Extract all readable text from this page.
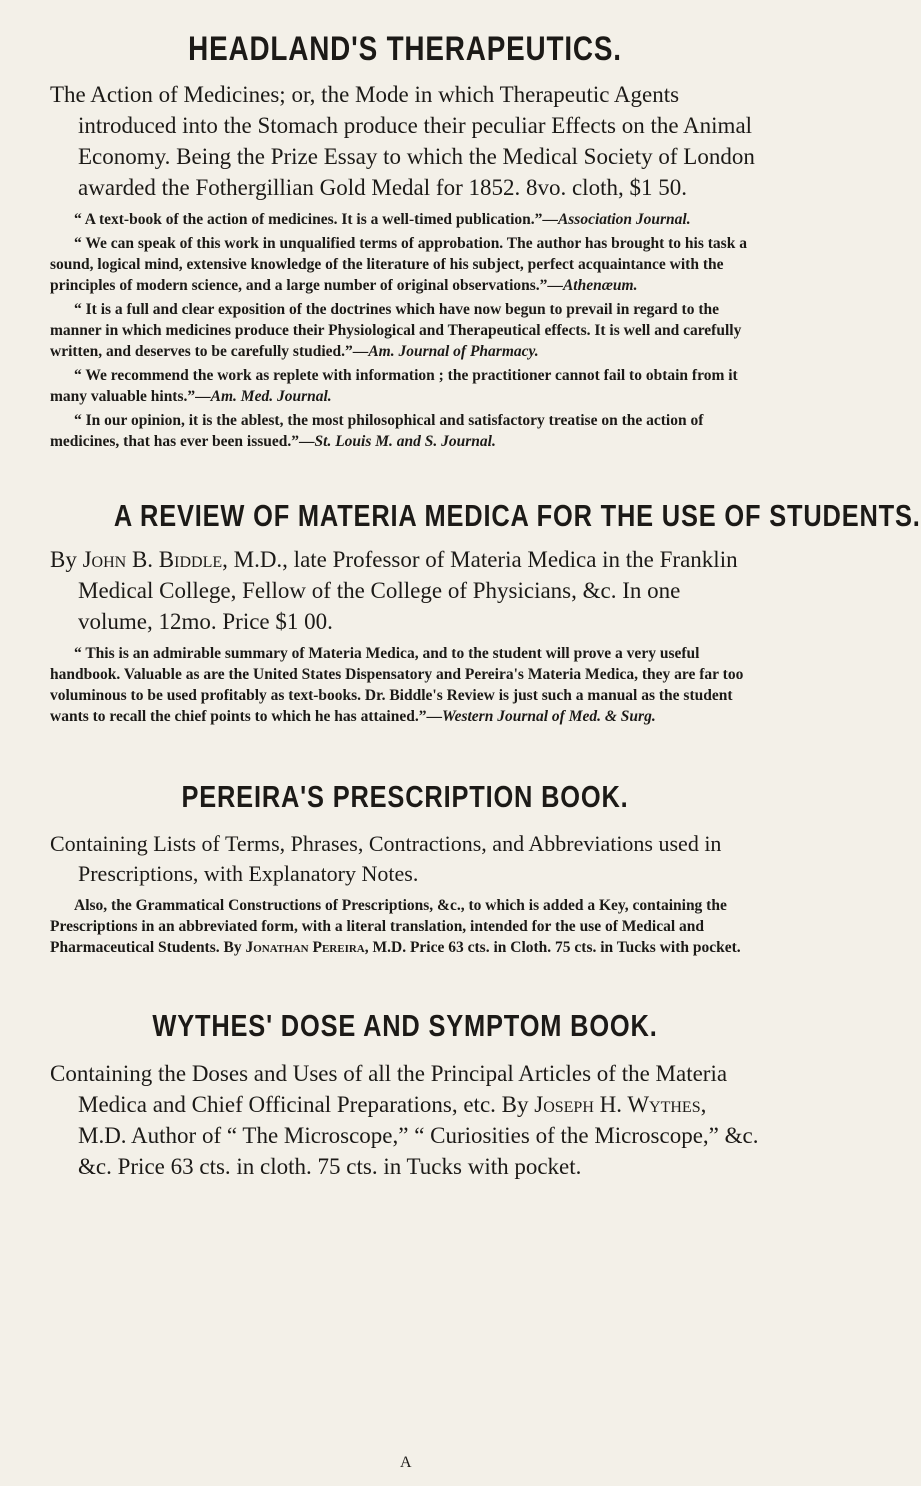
HEADLAND'S THERAPEUTICS.

The Action of Medicines; or, the Mode in which Therapeutic Agents introduced into the Stomach produce their peculiar Effects on the Animal Economy. Being the Prize Essay to which the Medical Society of London awarded the Fothergillian Gold Medal for 1852. 8vo. cloth, $1 50.

“ A text-book of the action of medicines. It is a well-timed publication.”—Association Journal.

“ We can speak of this work in unqualified terms of approbation. The author has brought to his task a sound, logical mind, extensive knowledge of the literature of his subject, perfect acquaintance with the principles of modern science, and a large number of original observations.”—Athenæum.

“ It is a full and clear exposition of the doctrines which have now begun to prevail in regard to the manner in which medicines produce their Physiological and Therapeutical effects. It is well and carefully written, and deserves to be carefully studied.”—Am. Journal of Pharmacy.

“ We recommend the work as replete with information ; the practitioner cannot fail to obtain from it many valuable hints.”—Am. Med. Journal.

“ In our opinion, it is the ablest, the most philosophical and satisfactory treatise on the action of medicines, that has ever been issued.”—St. Louis M. and S. Journal.

A REVIEW OF MATERIA MEDICA FOR THE USE OF STUDENTS.

By John B. Biddle, M.D., late Professor of Materia Medica in the Franklin Medical College, Fellow of the College of Physicians, &c. In one volume, 12mo. Price $1 00.

“ This is an admirable summary of Materia Medica, and to the student will prove a very useful handbook. Valuable as are the United States Dispensatory and Pereira's Materia Medica, they are far too voluminous to be used profitably as text-books. Dr. Biddle's Review is just such a manual as the student wants to recall the chief points to which he has attained.”—Western Journal of Med. & Surg.

PEREIRA'S PRESCRIPTION BOOK.

Containing Lists of Terms, Phrases, Contractions, and Abbreviations used in Prescriptions, with Explanatory Notes.

Also, the Grammatical Constructions of Prescriptions, &c., to which is added a Key, containing the Prescriptions in an abbreviated form, with a literal translation, intended for the use of Medical and Pharmaceutical Students. By Jonathan Pereira, M.D. Price 63 cts. in Cloth. 75 cts. in Tucks with pocket.

WYTHES' DOSE AND SYMPTOM BOOK.

Containing the Doses and Uses of all the Principal Articles of the Materia Medica and Chief Officinal Preparations, etc. By Joseph H. Wythes, M.D. Author of “ The Microscope,” “ Curiosities of the Microscope,” &c. &c. Price 63 cts. in cloth. 75 cts. in Tucks with pocket.

A
